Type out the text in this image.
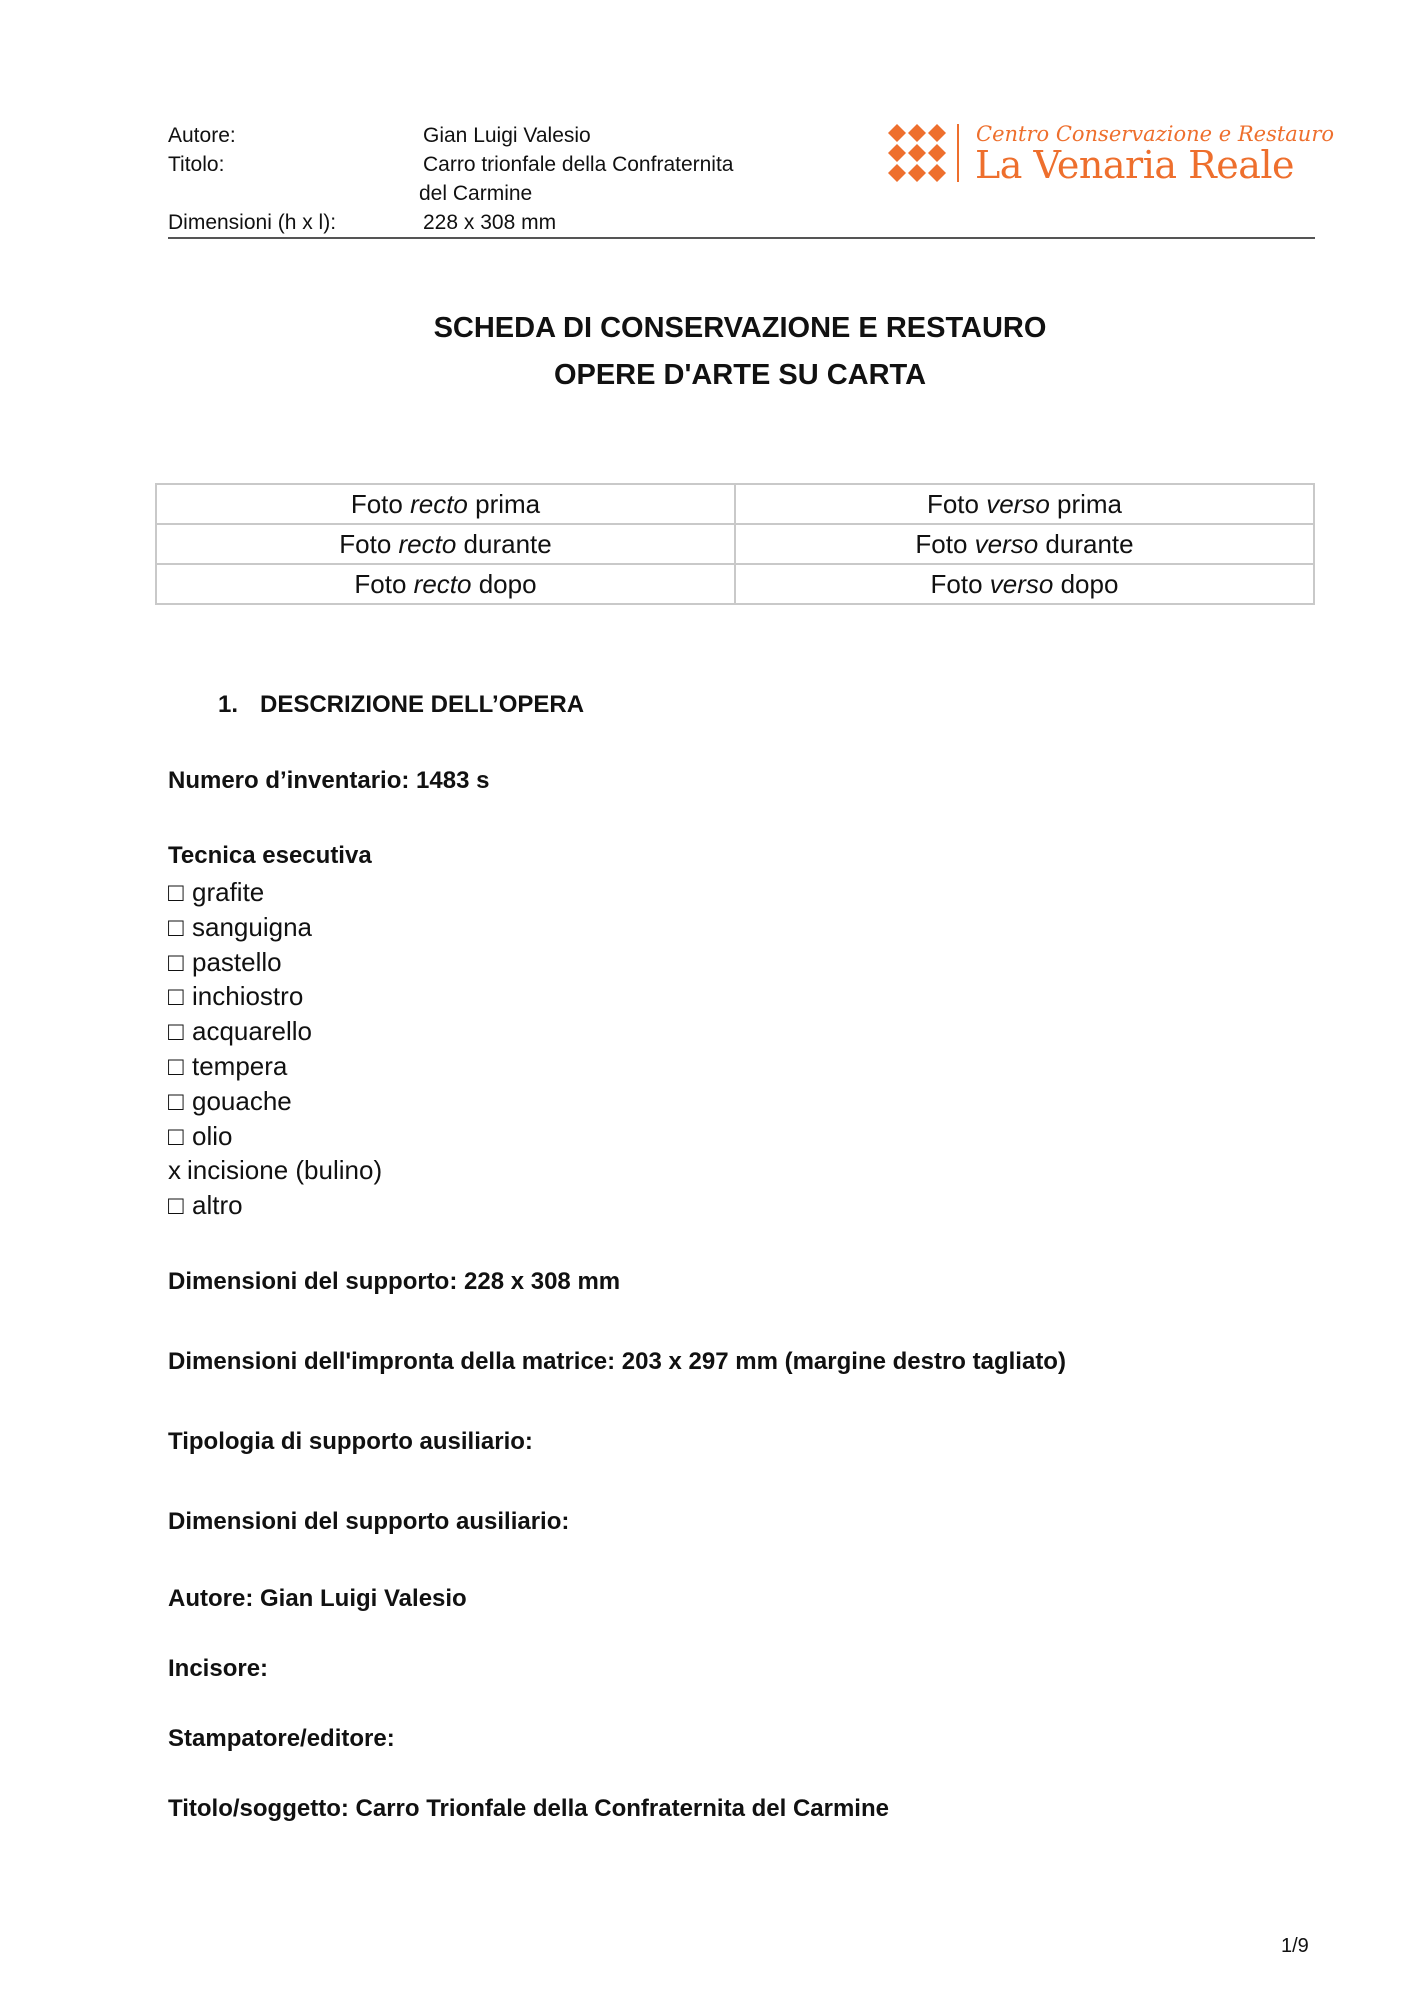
Autore:	Gian Luigi Valesio
Titolo:	Carro trionfale della Confraternita
del Carmine
Dimensioni (h x l):	228 x 308 mm
Centro Conservazione e Restauro
La Venaria Reale
SCHEDA DI CONSERVAZIONE E RESTAURO
OPERE D'ARTE SU CARTA
Foto recto prima	Foto verso prima
Foto recto durante	Foto verso durante
Foto recto dopo	Foto verso dopo
1. DESCRIZIONE DELL’OPERA
Numero d’inventario: 1483 s
Tecnica esecutiva
□ grafite
□ sanguigna
□ pastello
□ inchiostro
□ acquarello
□ tempera
□ gouache
□ olio
x incisione (bulino)
□ altro
Dimensioni del supporto: 228 x 308 mm
Dimensioni dell'impronta della matrice: 203 x 297 mm (margine destro tagliato)
Tipologia di supporto ausiliario:
Dimensioni del supporto ausiliario:
Autore: Gian Luigi Valesio
Incisore:
Stampatore/editore:
Titolo/soggetto: Carro Trionfale della Confraternita del Carmine
1/9
